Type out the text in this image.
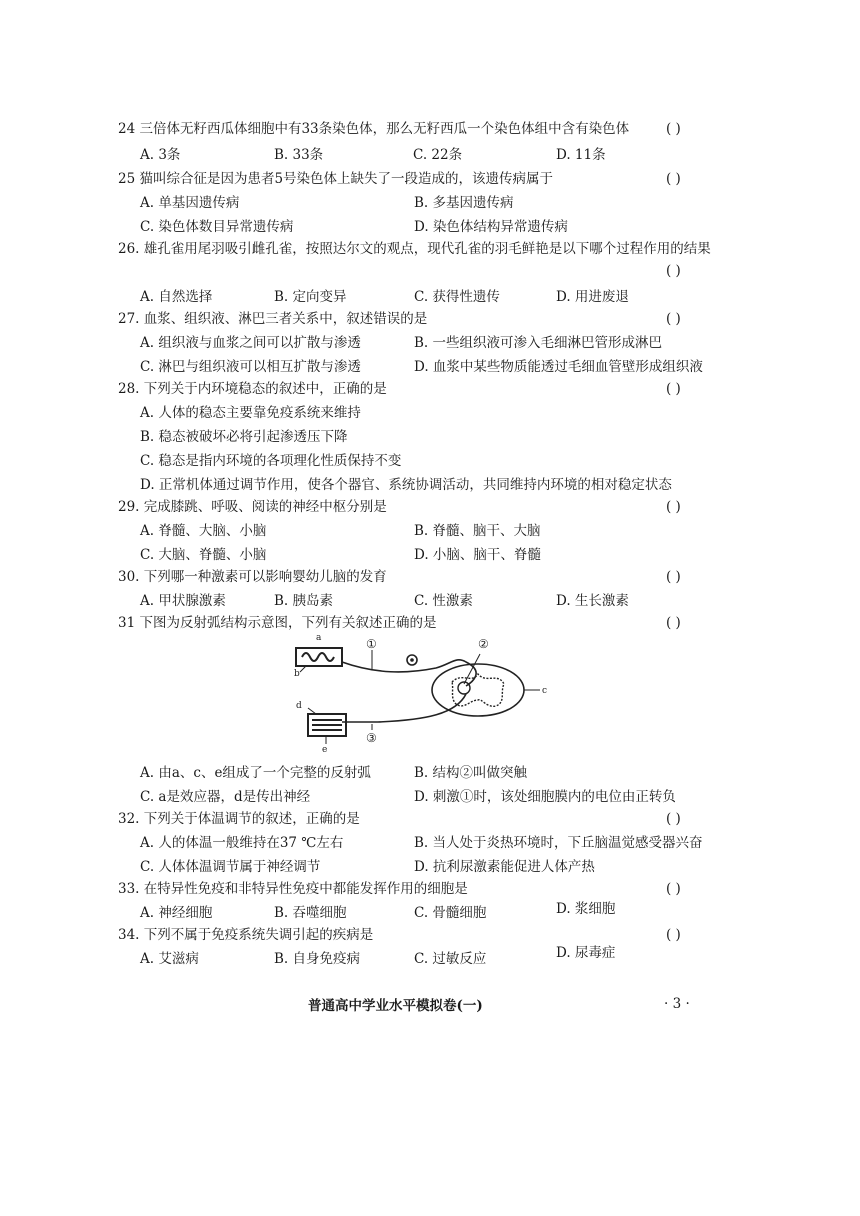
24 三倍体无籽西瓜体细胞中有33条染色体，那么无籽西瓜一个染色体组中含有染色体	( )
A. 3条	B. 33条	C. 22条	D. 11条
25 猫叫综合征是因为患者5号染色体上缺失了一段造成的，该遗传病属于	( )
A. 单基因遗传病	B. 多基因遗传病
C. 染色体数目异常遗传病	D. 染色体结构异常遗传病
26. 雄孔雀用尾羽吸引雌孔雀，按照达尔文的观点，现代孔雀的羽毛鲜艳是以下哪个过程作用的结果
( )
A. 自然选择	B. 定向变异	C. 获得性遗传	D. 用进废退
27. 血浆、组织液、淋巴三者关系中，叙述错误的是	( )
A. 组织液与血浆之间可以扩散与渗透	B. 一些组织液可渗入毛细淋巴管形成淋巴
C. 淋巴与组织液可以相互扩散与渗透	D. 血浆中某些物质能透过毛细血管壁形成组织液
28. 下列关于内环境稳态的叙述中，正确的是	( )
A. 人体的稳态主要靠免疫系统来维持
B. 稳态被破坏必将引起渗透压下降
C. 稳态是指内环境的各项理化性质保持不变
D. 正常机体通过调节作用，使各个器官、系统协调活动，共同维持内环境的相对稳定状态
29. 完成膝跳、呼吸、阅读的神经中枢分别是	( )
A. 脊髓、大脑、小脑	B. 脊髓、脑干、大脑
C. 大脑、脊髓、小脑	D. 小脑、脑干、脊髓
30. 下列哪一种激素可以影响婴幼儿脑的发育	( )
A. 甲状腺激素	B. 胰岛素	C. 性激素	D. 生长激素
31 下图为反射弧结构示意图，下列有关叙述正确的是	( )
a
b
c
d
e
①	②
③
A. 由a、c、e组成了一个完整的反射弧	B. 结构②叫做突触
C. a是效应器，d是传出神经	D. 刺激①时，该处细胞膜内的电位由正转负
32. 下列关于体温调节的叙述，正确的是	( )
A. 人的体温一般维持在37 ℃左右	B. 当人处于炎热环境时，下丘脑温觉感受器兴奋
C. 人体体温调节属于神经调节	D. 抗利尿激素能促进人体产热
33. 在特异性免疫和非特异性免疫中都能发挥作用的细胞是	( )
A. 神经细胞	B. 吞噬细胞	C. 骨髓细胞	D. 浆细胞
34. 下列不属于免疫系统失调引起的疾病是	( )
A. 艾滋病	B. 自身免疫病	C. 过敏反应	D. 尿毒症
普通高中学业水平模拟卷(一)	· 3 ·
